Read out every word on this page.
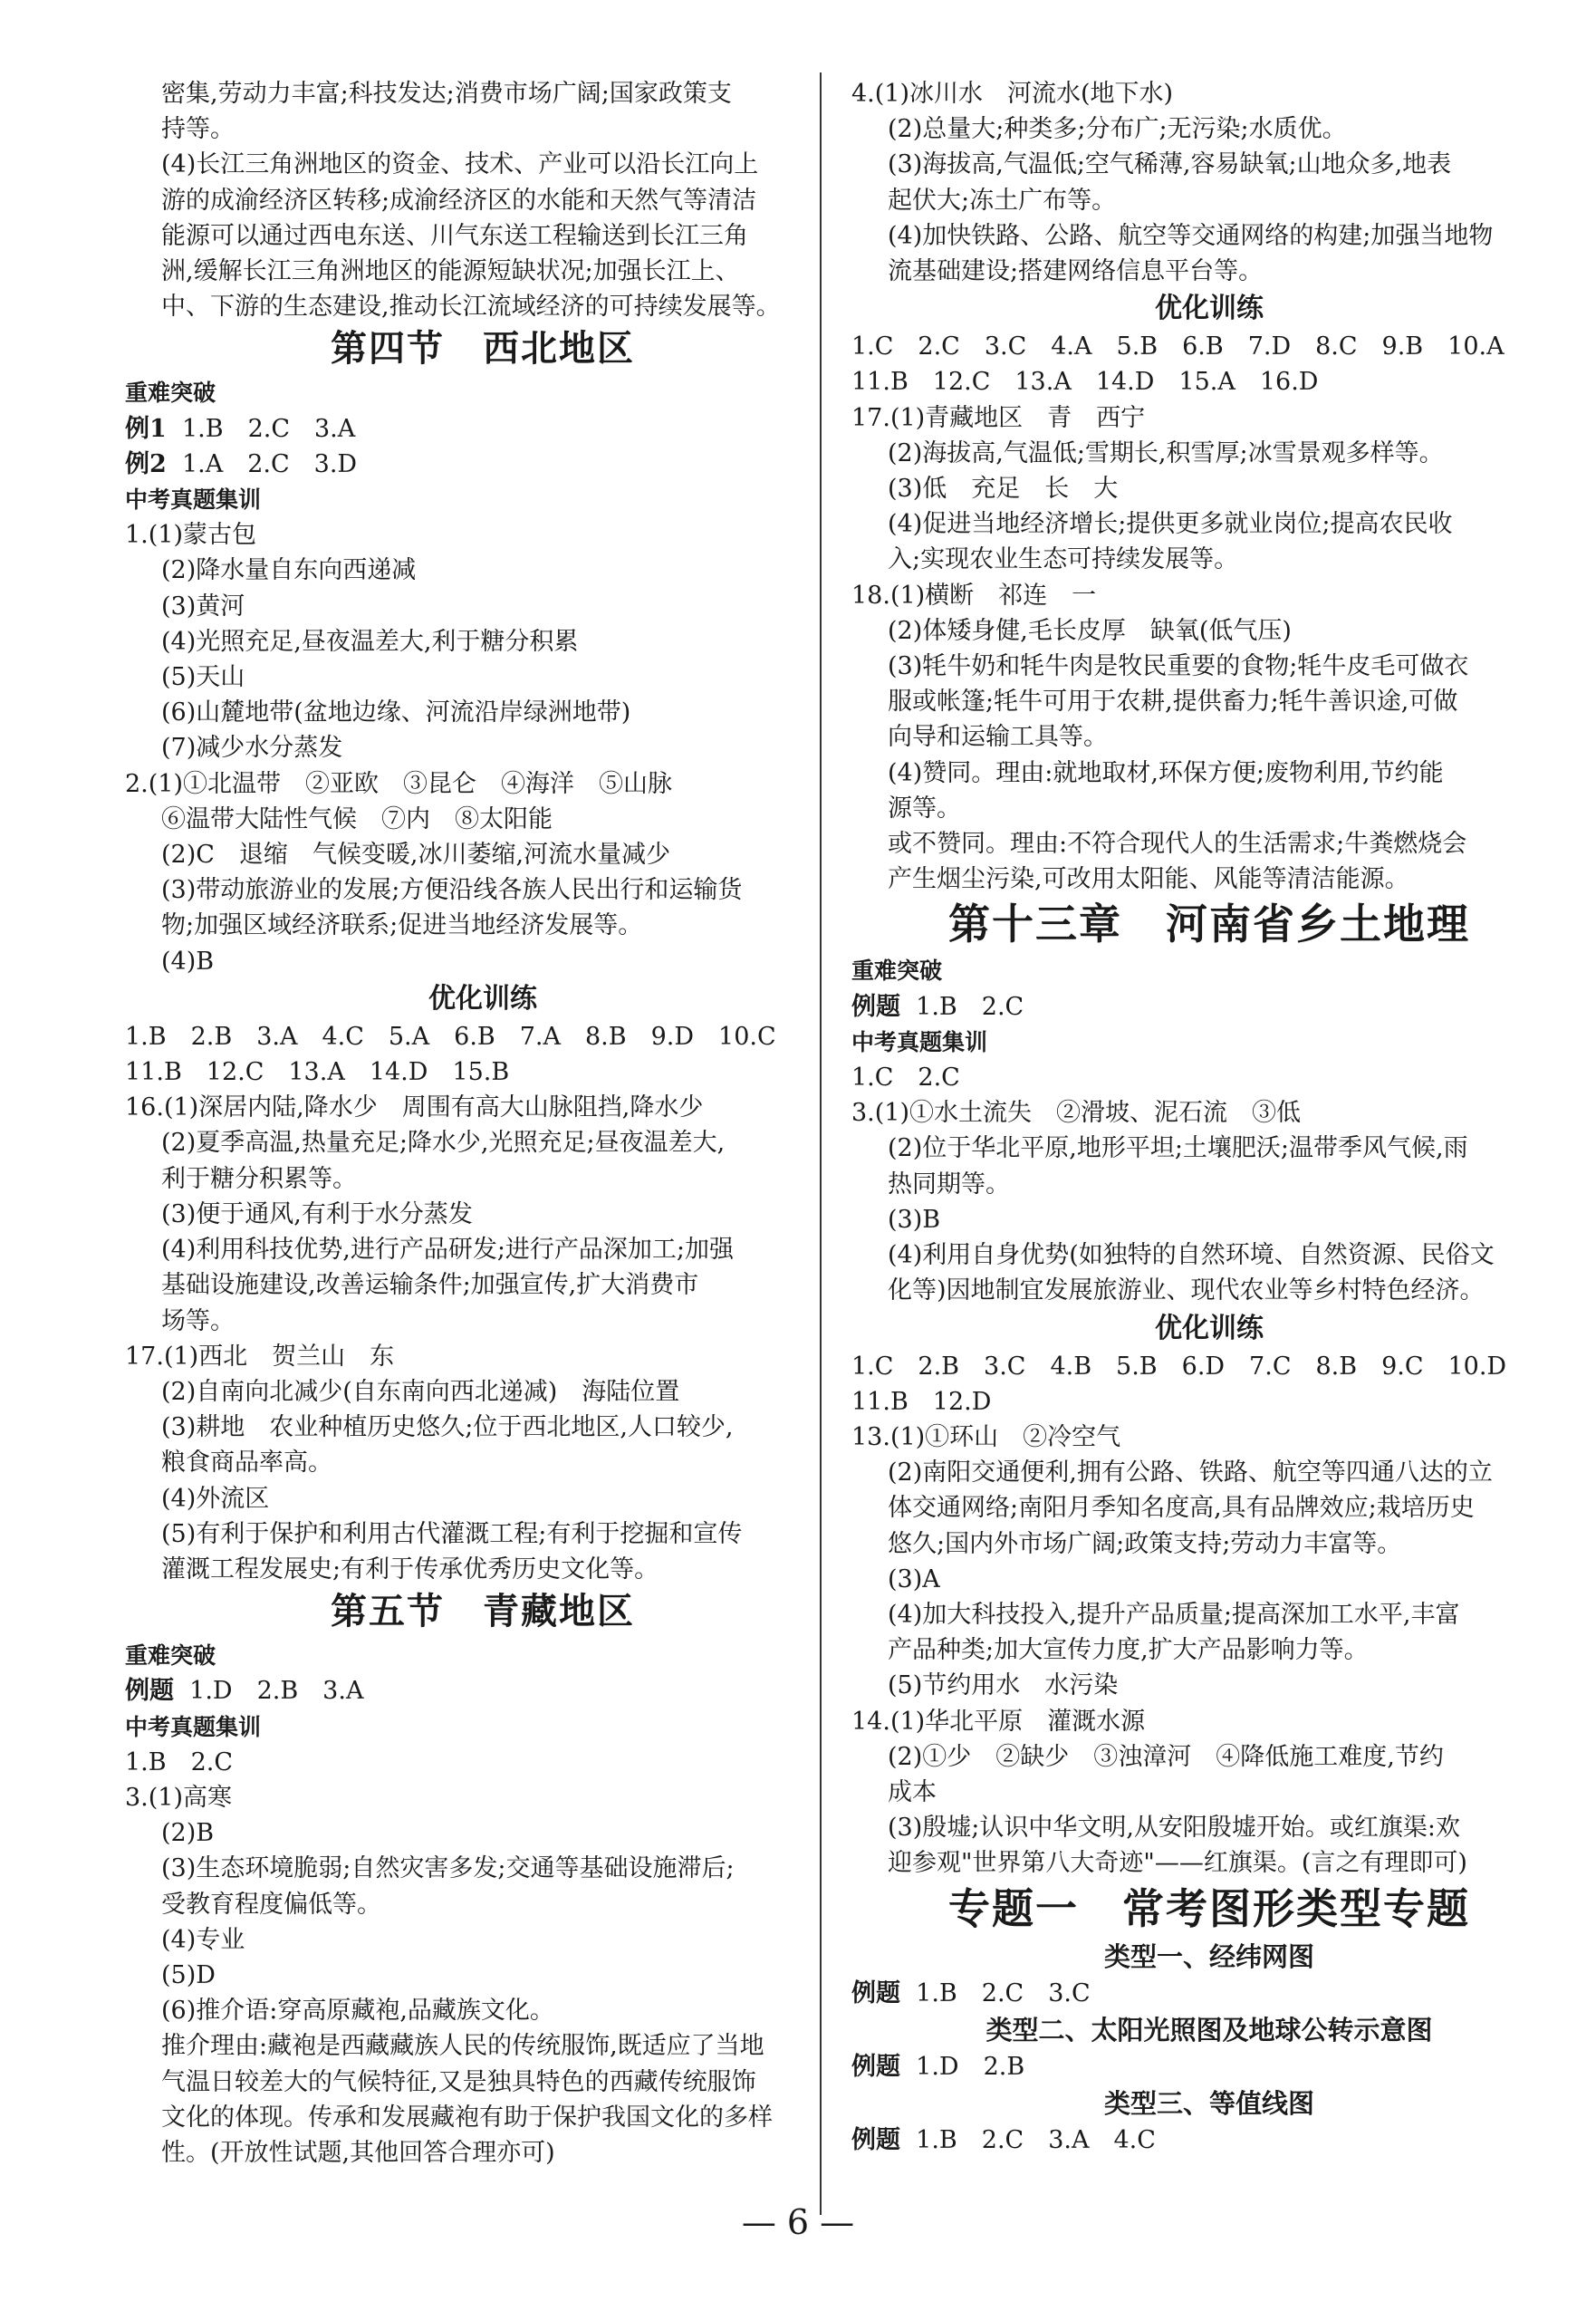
密集,劳动力丰富;科技发达;消费市场广阔;国家政策支
持等。
(4)长江三角洲地区的资金、技术、产业可以沿长江向上
游的成渝经济区转移;成渝经济区的水能和天然气等清洁
能源可以通过西电东送、川气东送工程输送到长江三角
洲,缓解长江三角洲地区的能源短缺状况;加强长江上、
中、下游的生态建设,推动长江流域经济的可持续发展等。
第四节　西北地区
重难突破
例1 1.B　2.C　3.A
例2 1.A　2.C　3.D
中考真题集训
1.(1)蒙古包
(2)降水量自东向西递减
(3)黄河
(4)光照充足,昼夜温差大,利于糖分积累
(5)天山
(6)山麓地带(盆地边缘、河流沿岸绿洲地带)
(7)减少水分蒸发
2.(1)①北温带　②亚欧　③昆仑　④海洋　⑤山脉
⑥温带大陆性气候　⑦内　⑧太阳能
(2)C　退缩　气候变暖,冰川萎缩,河流水量减少
(3)带动旅游业的发展;方便沿线各族人民出行和运输货
物;加强区域经济联系;促进当地经济发展等。
(4)B
优化训练
1.B　2.B　3.A　4.C　5.A　6.B　7.A　8.B　9.D　10.C
11.B　12.C　13.A　14.D　15.B
16.(1)深居内陆,降水少　周围有高大山脉阻挡,降水少
(2)夏季高温,热量充足;降水少,光照充足;昼夜温差大,
利于糖分积累等。
(3)便于通风,有利于水分蒸发
(4)利用科技优势,进行产品研发;进行产品深加工;加强
基础设施建设,改善运输条件;加强宣传,扩大消费市
场等。
17.(1)西北　贺兰山　东
(2)自南向北减少(自东南向西北递减)　海陆位置
(3)耕地　农业种植历史悠久;位于西北地区,人口较少,
粮食商品率高。
(4)外流区
(5)有利于保护和利用古代灌溉工程;有利于挖掘和宣传
灌溉工程发展史;有利于传承优秀历史文化等。
第五节　青藏地区
重难突破
例题 1.D　2.B　3.A
中考真题集训
1.B　2.C
3.(1)高寒
(2)B
(3)生态环境脆弱;自然灾害多发;交通等基础设施滞后;
受教育程度偏低等。
(4)专业
(5)D
(6)推介语:穿高原藏袍,品藏族文化。
推介理由:藏袍是西藏藏族人民的传统服饰,既适应了当地
气温日较差大的气候特征,又是独具特色的西藏传统服饰
文化的体现。传承和发展藏袍有助于保护我国文化的多样
性。(开放性试题,其他回答合理亦可)
4.(1)冰川水　河流水(地下水)
(2)总量大;种类多;分布广;无污染;水质优。
(3)海拔高,气温低;空气稀薄,容易缺氧;山地众多,地表
起伏大;冻土广布等。
(4)加快铁路、公路、航空等交通网络的构建;加强当地物
流基础建设;搭建网络信息平台等。
优化训练
1.C　2.C　3.C　4.A　5.B　6.B　7.D　8.C　9.B　10.A
11.B　12.C　13.A　14.D　15.A　16.D
17.(1)青藏地区　青　西宁
(2)海拔高,气温低;雪期长,积雪厚;冰雪景观多样等。
(3)低　充足　长　大
(4)促进当地经济增长;提供更多就业岗位;提高农民收
入;实现农业生态可持续发展等。
18.(1)横断　祁连　一
(2)体矮身健,毛长皮厚　缺氧(低气压)
(3)牦牛奶和牦牛肉是牧民重要的食物;牦牛皮毛可做衣
服或帐篷;牦牛可用于农耕,提供畜力;牦牛善识途,可做
向导和运输工具等。
(4)赞同。理由:就地取材,环保方便;废物利用,节约能
源等。
或不赞同。理由:不符合现代人的生活需求;牛粪燃烧会
产生烟尘污染,可改用太阳能、风能等清洁能源。
第十三章　河南省乡土地理
重难突破
例题 1.B　2.C
中考真题集训
1.C　2.C
3.(1)①水土流失　②滑坡、泥石流　③低
(2)位于华北平原,地形平坦;土壤肥沃;温带季风气候,雨
热同期等。
(3)B
(4)利用自身优势(如独特的自然环境、自然资源、民俗文
化等)因地制宜发展旅游业、现代农业等乡村特色经济。
优化训练
1.C　2.B　3.C　4.B　5.B　6.D　7.C　8.B　9.C　10.D
11.B　12.D
13.(1)①环山　②冷空气
(2)南阳交通便利,拥有公路、铁路、航空等四通八达的立
体交通网络;南阳月季知名度高,具有品牌效应;栽培历史
悠久;国内外市场广阔;政策支持;劳动力丰富等。
(3)A
(4)加大科技投入,提升产品质量;提高深加工水平,丰富
产品种类;加大宣传力度,扩大产品影响力等。
(5)节约用水　水污染
14.(1)华北平原　灌溉水源
(2)①少　②缺少　③浊漳河　④降低施工难度,节约
成本
(3)殷墟;认识中华文明,从安阳殷墟开始。或红旗渠:欢
迎参观"世界第八大奇迹"——红旗渠。(言之有理即可)
专题一　常考图形类型专题
类型一、经纬网图
例题 1.B　2.C　3.C
类型二、太阳光照图及地球公转示意图
例题 1.D　2.B
类型三、等值线图
例题 1.B　2.C　3.A　4.C
— 6 —
